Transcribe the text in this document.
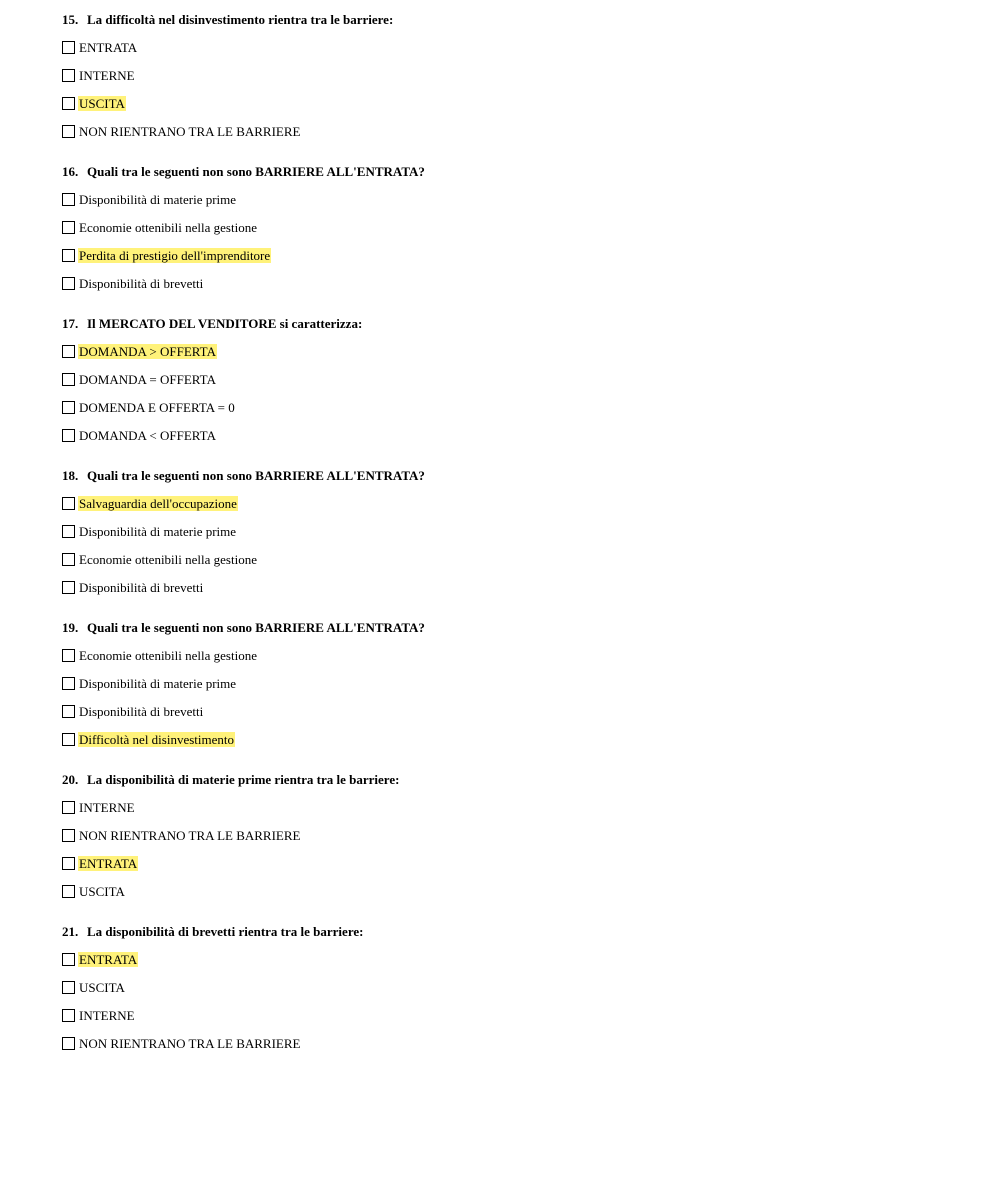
15. La difficoltà nel disinvestimento rientra tra le barriere:
ENTRATA
INTERNE
USCITA
NON RIENTRANO TRA LE BARRIERE
16. Quali tra le seguenti non sono BARRIERE ALL'ENTRATA?
Disponibilità di materie prime
Economie ottenibili nella gestione
Perdita di prestigio dell'imprenditore
Disponibilità di brevetti
17. Il MERCATO DEL VENDITORE si caratterizza:
DOMANDA > OFFERTA
DOMANDA = OFFERTA
DOMENDA E OFFERTA = 0
DOMANDA < OFFERTA
18. Quali tra le seguenti non sono BARRIERE ALL'ENTRATA?
Salvaguardia dell'occupazione
Disponibilità di materie prime
Economie ottenibili nella gestione
Disponibilità di brevetti
19. Quali tra le seguenti non sono BARRIERE ALL'ENTRATA?
Economie ottenibili nella gestione
Disponibilità di materie prime
Disponibilità di brevetti
Difficoltà nel disinvestimento
20. La disponibilità di materie prime rientra tra le barriere:
INTERNE
NON RIENTRANO TRA LE BARRIERE
ENTRATA
USCITA
21. La disponibilità di brevetti rientra tra le barriere:
ENTRATA
USCITA
INTERNE
NON RIENTRANO TRA LE BARRIERE
